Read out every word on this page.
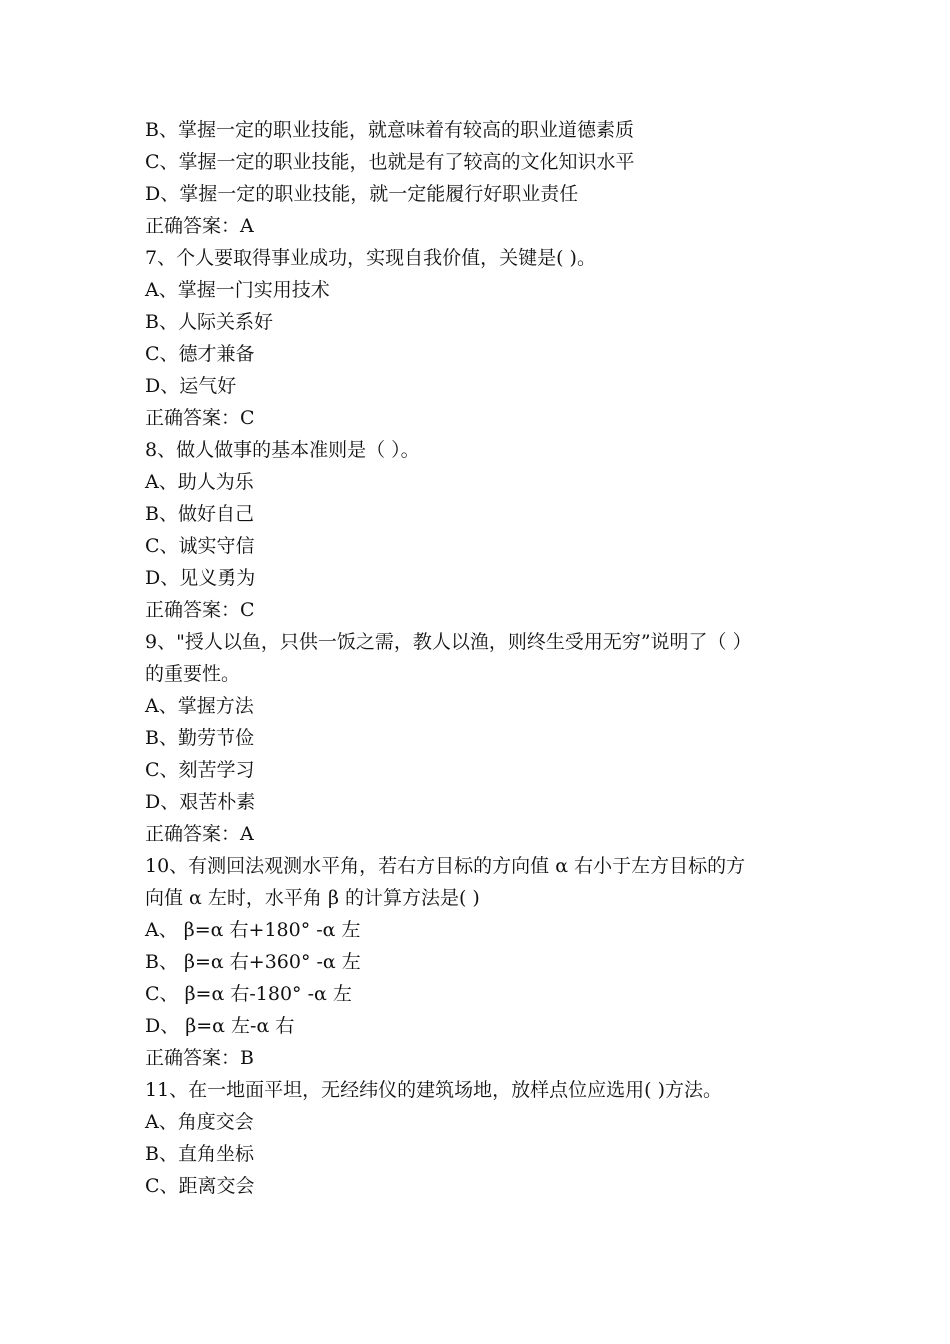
B、掌握一定的职业技能，就意味着有较高的职业道德素质
C、掌握一定的职业技能，也就是有了较高的文化知识水平
D、掌握一定的职业技能，就一定能履行好职业责任
正确答案：A
7、个人要取得事业成功，实现自我价值，关键是( )。
A、掌握一门实用技术
B、人际关系好
C、德才兼备
D、运气好
正确答案：C
8、做人做事的基本准则是（ ）。
A、助人为乐
B、做好自己
C、诚实守信
D、见义勇为
正确答案：C
9、"授人以鱼，只供一饭之需，教人以渔，则终生受用无穷”说明了（ ）
的重要性。
A、掌握方法
B、勤劳节俭
C、刻苦学习
D、艰苦朴素
正确答案：A
10、有测回法观测水平角，若右方目标的方向值 α 右小于左方目标的方
向值 α 左时，水平角 β 的计算方法是( )
A、 β=α 右+180° -α 左
B、 β=α 右+360° -α 左
C、 β=α 右-180° -α 左
D、 β=α 左-α 右
正确答案：B
11、在一地面平坦，无经纬仪的建筑场地，放样点位应选用( )方法。
A、角度交会
B、直角坐标
C、距离交会
